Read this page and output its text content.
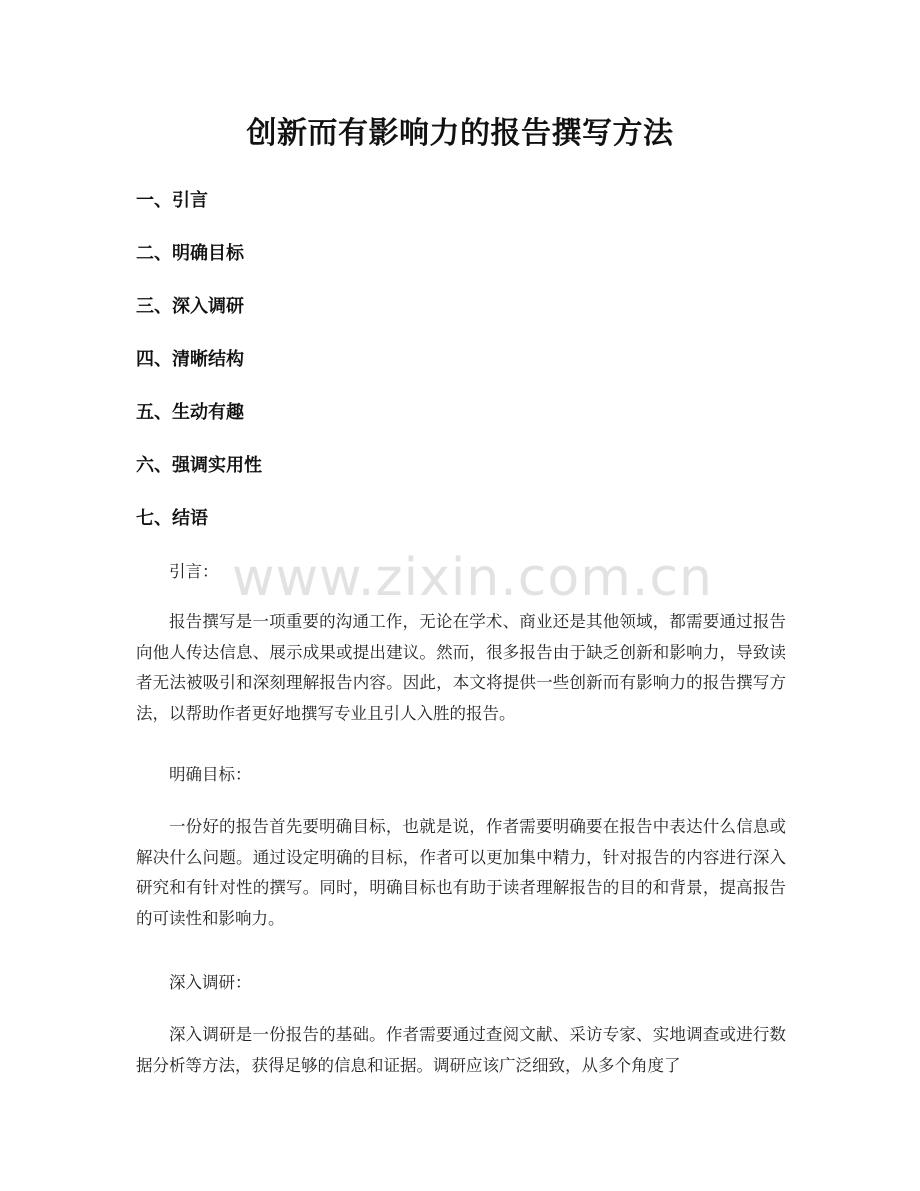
创新而有影响力的报告撰写方法
一、引言
二、明确目标
三、深入调研
四、清晰结构
五、生动有趣
六、强调实用性
七、结语

引言：

报告撰写是一项重要的沟通工作，无论在学术、商业还是其他领域，都需要通过报告向他人传达信息、展示成果或提出建议。然而，很多报告由于缺乏创新和影响力，导致读者无法被吸引和深刻理解报告内容。因此，本文将提供一些创新而有影响力的报告撰写方法，以帮助作者更好地撰写专业且引人入胜的报告。

明确目标：

一份好的报告首先要明确目标，也就是说，作者需要明确要在报告中表达什么信息或解决什么问题。通过设定明确的目标，作者可以更加集中精力，针对报告的内容进行深入研究和有针对性的撰写。同时，明确目标也有助于读者理解报告的目的和背景，提高报告的可读性和影响力。

深入调研：

深入调研是一份报告的基础。作者需要通过查阅文献、采访专家、实地调查或进行数据分析等方法，获得足够的信息和证据。调研应该广泛细致，从多个角度了

www.zixin.com.cn
